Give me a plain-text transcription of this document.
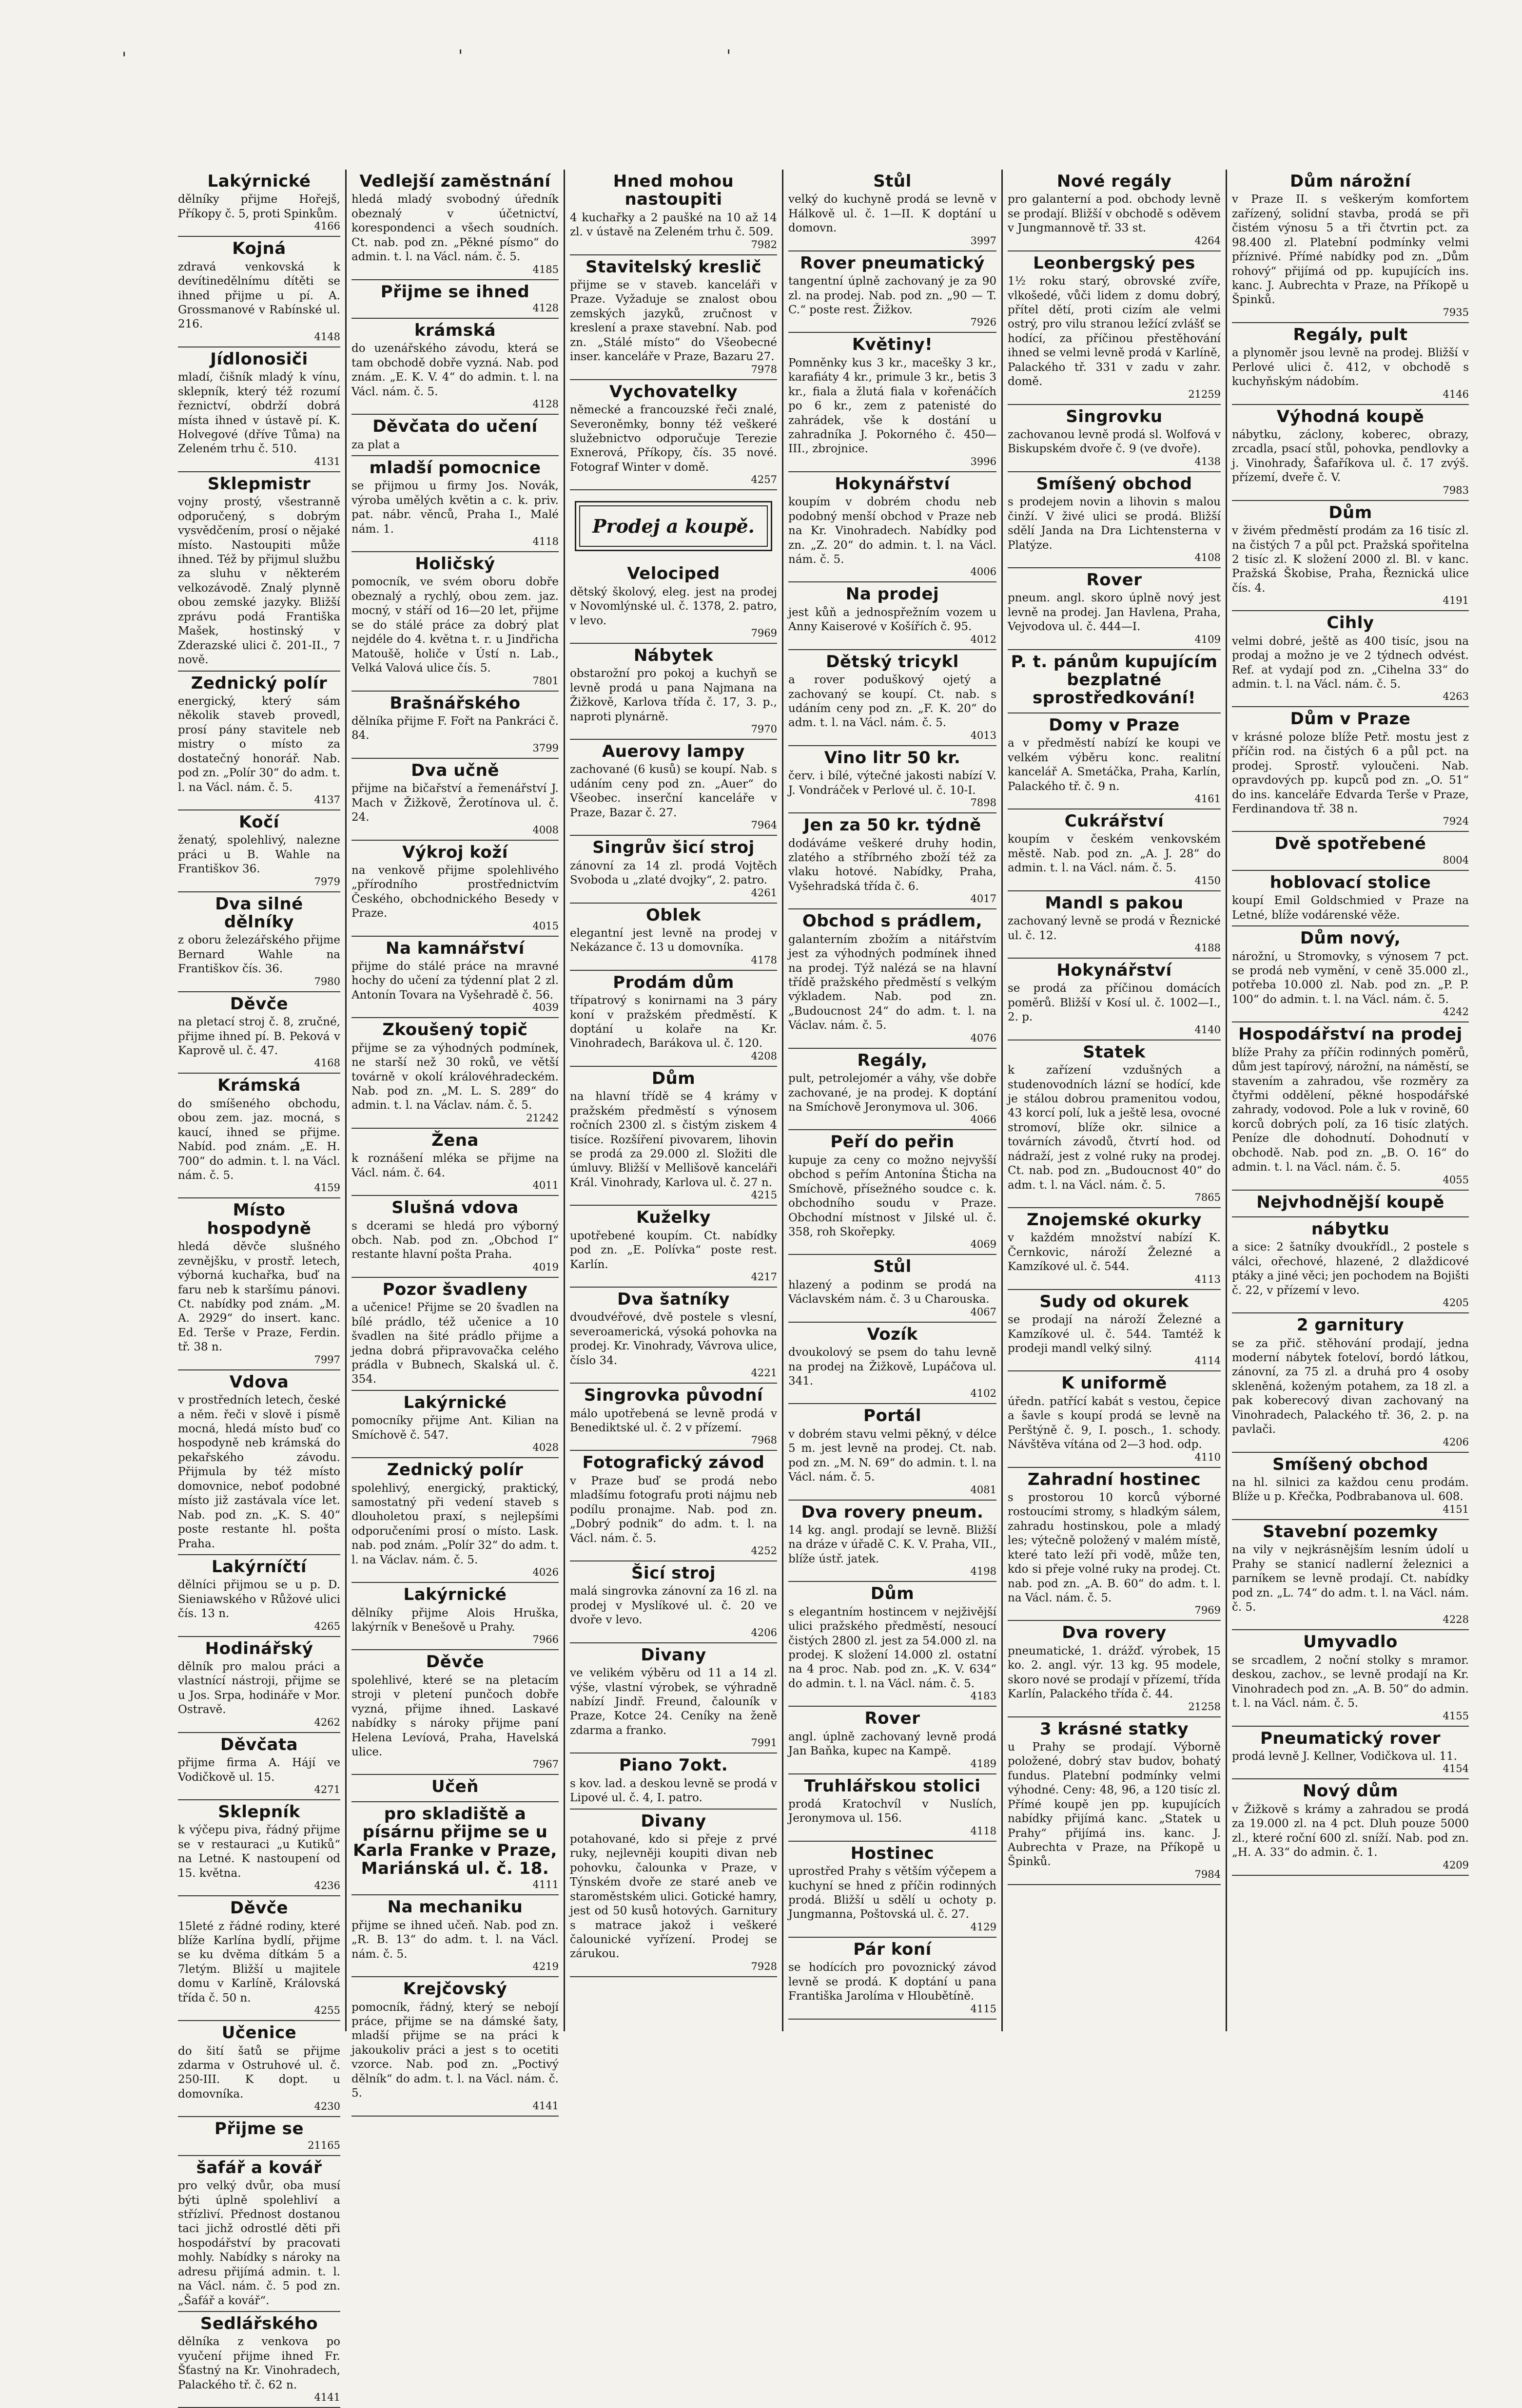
'	'	'
Lakýrnické

dělníky přijme Hořejš, Příkopy č. 5, proti Spinkům.

4166
Kojná

zdravá venkovská k devítinedělnímu dítěti se ihned přijme u pí. A. Grossmanové v Rabínské ul. 216.

4148
Jídlonosiči

mladí, čišník mladý k vínu, sklepník, který též rozumí řeznictví, obdrží dobrá místa ihned v ústavě pí. K. Holvegové (dříve Tůma) na Zeleném trhu č. 510.

4131
Sklepmistr

vojny prostý, všestranně odporučený, s dobrým vysvědčením, prosí o nějaké místo. Nastoupiti může ihned. Též by přijmul službu za sluhu v některém velkozávodě. Znalý plynně obou zemské jazyky. Bližší zprávu podá Františka Mašek, hostinský v Zderazské ulici č. 201-II., 7 nově.

Zednický polír

energický, který sám několik staveb provedl, prosí pány stavitele neb mistry o místo za dostatečný honorář. Nab. pod zn. „Polír 30“ do adm. t. l. na Václ. nám. č. 5.

4137
Kočí

ženatý, spolehlivý, nalezne práci u B. Wahle na Františkov 36.

7979
Dva silné dělníky

z oboru železářského přijme Bernard Wahle na Františkov čís. 36.

7980
Děvče

na pletací stroj č. 8, zručné, přijme ihned pí. B. Peková v Kaprově ul. č. 47.

4168
Krámská

do smíšeného obchodu, obou zem. jaz. mocná, s kaucí, ihned se přijme. Nabíd. pod znám. „E. H. 700“ do admin. t. l. na Václ. nám. č. 5.

4159
Místo hospodyně

hledá děvče slušného zevnějšku, v prostř. letech, výborná kuchařka, buď na faru neb k staršímu pánovi. Ct. nabídky pod znám. „M. A. 2929“ do insert. kanc. Ed. Terše v Praze, Ferdin. tř. 38 n.

7997
Vdova

v prostředních letech, české a něm. řeči v slově i písmě mocná, hledá místo buď co hospodyně neb krámská do pekařského závodu. Přijmula by též místo domovnice, neboť podobné místo již zastávala více let. Nab. pod zn. „K. S. 40“ poste restante hl. pošta Praha.

Lakýrníčtí

dělníci přijmou se u p. D. Sieniawského v Růžové ulici čís. 13 n.

4265
Hodinářský

dělník pro malou práci a vlastnící nástroji, přijme se u Jos. Srpa, hodináře v Mor. Ostravě.

4262
Děvčata

přijme firma A. Hájí ve Vodičkově ul. 15.

4271
Sklepník

k výčepu piva, řádný přijme se v restauraci „u Kutiků“ na Letné. K nastoupení od 15. května.

4236
Děvče

15leté z řádné rodiny, které blíže Karlína bydlí, přijme se ku dvěma dítkám 5 a 7letým. Bližší u majitele domu v Karlíně, Královská třída č. 50 n.

4255
Učenice

do šití šatů se přijme zdarma v Ostruhové ul. č. 250-III. K dopt. u domovníka.

4230
Přijme se

21165
šafář a kovář

pro velký dvůr, oba musí býti úplně spolehliví a střízliví. Přednost dostanou taci jichž odrostlé děti při hospodářství by pracovati mohly. Nabídky s nároky na adresu přijímá admin. t. l. na Václ. nám. č. 5 pod zn. „Šafář a kovář“.

Sedlářského

dělníka z venkova po vyučení přijme ihned Fr. Šťastný na Kr. Vinohradech, Palackého tř. č. 62 n.

4141
Vedlejší zaměstnání

hledá mladý svobodný úředník obeznalý v účetnictví, korespondenci a všech soudních. Ct. nab. pod zn. „Pěkné písmo“ do admin. t. l. na Václ. nám. č. 5.

4185
Přijme se ihned

4128
krámská

do uzenářského závodu, která se tam obchodě dobře vyzná. Nab. pod znám. „E. K. V. 4“ do admin. t. l. na Václ. nám. č. 5.

4128
Děvčata do učení

za plat a

mladší pomocnice

se přijmou u firmy Jos. Novák, výroba umělých květin a c. k. priv. pat. nábr. věnců, Praha I., Malé nám. 1.

4118
Holičský

pomocník, ve svém oboru dobře obeznalý a rychlý, obou zem. jaz. mocný, v stáří od 16—20 let, přijme se do stálé práce za dobrý plat nejdéle do 4. května t. r. u Jindřicha Matoušě, holiče v Ústí n. Lab., Velká Valová ulice čís. 5.

7801
Brašnářského

dělníka přijme F. Fořt na Pankráci č. 84.

3799
Dva učně

přijme na bičařství a řemenářství J. Mach v Žižkově, Žerotínova ul. č. 24.

4008
Výkroj koží

na venkově přijme spolehlivého „přírodního prostřednictvím Českého, obchodnického Besedy v Praze.

4015
Na kamnářství

přijme do stálé práce na mravné hochy do učení za týdenní plat 2 zl. Antonín Tovara na Vyšehradě č. 56.

4039
Zkoušený topič

přijme se za výhodných podmínek, ne starší než 30 roků, ve větší továrně v okolí královéhradeckém. Nab. pod zn. „M. L. S. 289“ do admin. t. l. na Václav. nám. č. 5.

21242
Žena

k roznášení mléka se přijme na Václ. nám. č. 64.

4011
Slušná vdova

s dcerami se hledá pro výborný obch. Nab. pod zn. „Obchod I“ restante hlavní pošta Praha.

4019
Pozor švadleny

a učenice! Přijme se 20 švadlen na bílé prádlo, též učenice a 10 švadlen na šité prádlo přijme a jedna dobrá připravovačka celého prádla v Bubnech, Skalská ul. č. 354.

Lakýrnické

pomocníky přijme Ant. Kilian na Smíchově č. 547.

4028
Zednický polír

spolehlivý, energický, praktický, samostatný při vedení staveb s dlouholetou praxí, s nejlepšími odporučeními prosí o místo. Lask. nab. pod znám. „Polír 32“ do adm. t. l. na Václav. nám. č. 5.

4026
Lakýrnické

dělníky přijme Alois Hruška, lakýrník v Benešově u Prahy.

7966
Děvče

spolehlivé, které se na pletacím stroji v pletení punčoch dobře vyzná, přijme ihned. Laskavé nabídky s nároky přijme paní Helena Levíová, Praha, Havelská ulice.

7967
Učeň

pro skladiště a písárnu přijme se u Karla Franke v Praze, Mariánská ul. č. 18.

4111
Na mechaniku

přijme se ihned učeň. Nab. pod zn. „R. B. 13“ do adm. t. l. na Václ. nám. č. 5.

4219
Krejčovský

pomocník, řádný, který se nebojí práce, přijme se na dámské šaty, mladší přijme se na práci k jakoukoliv práci a jest s to ocetiti vzorce. Nab. pod zn. „Poctivý dělník“ do adm. t. l. na Václ. nám. č. 5.

4141
Hned mohou nastoupiti

4 kuchařky a 2 paušké na 10 až 14 zl. v ústavě na Zeleném trhu č. 509.

7982
Stavitelský kreslič

přijme se v staveb. kanceláři v Praze. Vyžaduje se znalost obou zemských jazyků, zručnost v kreslení a praxe stavební. Nab. pod zn. „Stálé místo“ do Všeobecné inser. kanceláře v Praze, Bazaru 27.

7978
Vychovatelky

německé a francouzské řeči znalé, Severoněmky, bonny též veškeré služebnictvo odporučuje Terezie Exnerová, Příkopy, čís. 35 nové. Fotograf Winter v domě.

4257
Prodej a koupě.
Velociped

dětský školový, eleg. jest na prodej v Novomlýnské ul. č. 1378, 2. patro, v levo.

7969
Nábytek

obstarožní pro pokoj a kuchyň se levně prodá u pana Najmana na Žižkově, Karlova třída č. 17, 3. p., naproti plynárně.

7970
Auerovy lampy

zachované (6 kusů) se koupí. Nab. s udáním ceny pod zn. „Auer“ do Všeobec. inserční kanceláře v Praze, Bazar č. 27.

7964
Singrův šicí stroj

zánovní za 14 zl. prodá Vojtěch Svoboda u „zlaté dvojky“, 2. patro.

4261
Oblek

elegantní jest levně na prodej v Nekázance č. 13 u domovníka.

4178
Prodám dům

třípatrový s konirnami na 3 páry koní v pražském předměstí. K doptání u kolaře na Kr. Vinohradech, Barákova ul. č. 120.

4208
Dům

na hlavní třídě se 4 krámy v pražském předměstí s výnosem ročních 2300 zl. s čistým ziskem 4 tisíce. Rozšíření pivovarem, lihovin se prodá za 29.000 zl. Složiti dle úmluvy. Bližší v Mellišově kanceláři Král. Vinohrady, Karlova ul. č. 27 n.

4215
Kuželky

upotřebené koupím. Ct. nabídky pod zn. „E. Polívka“ poste rest. Karlín.

4217
Dva šatníky

dvoudvéřové, dvě postele s vlesní, severoamerická, výsoká pohovka na prodej. Kr. Vinohrady, Vávrova ulice, číslo 34.

4221
Singrovka původní

málo upotřebená se levně prodá v Benediktské ul. č. 2 v přízemí.

7968
Fotografický závod

v Praze buď se prodá nebo mladšímu fotografu proti nájmu neb podílu pronajme. Nab. pod zn. „Dobrý podnik“ do adm. t. l. na Václ. nám. č. 5.

4252
Šicí stroj

malá singrovka zánovní za 16 zl. na prodej v Myslíkové ul. č. 20 ve dvoře v levo.

4206
Divany

ve velikém výběru od 11 a 14 zl. výše, vlastní výrobek, se výhradně nabízí Jindř. Freund, čalouník v Praze, Kotce 24. Ceníky na ženě zdarma a franko.

7991
Piano 7okt.

s kov. lad. a deskou levně se prodá v Lipové ul. č. 4, I. patro.

Divany

potahované, kdo si přeje z prvé ruky, nejlevněji koupiti divan neb pohovku, čalounka v Praze, v Týnském dvoře ze staré aneb ve staroměstském ulici. Gotické hamry, jest od 50 kusů hotových. Garnitury s matrace jakož i veškeré čalounické vyřízení. Prodej se zárukou.

7928
Stůl

velký do kuchyně prodá se levně v Hálkově ul. č. 1—II. K doptání u domovn.

3997
Rover pneumatický

tangentní úplně zachovaný je za 90 zl. na prodej. Nab. pod zn. „90 — T. C.“ poste rest. Žižkov.

7926
Květiny!

Pomněnky kus 3 kr., macešky 3 kr., karafiáty 4 kr., primule 3 kr., betis 3 kr., fiala a žlutá fiala v kořenáčích po 6 kr., zem z patenisté do zahrádek, vše k dostání u zahradníka J. Pokorného č. 450—III., zbrojnice.

3996
Hokynářství

koupím v dobrém chodu neb podobný menší obchod v Praze neb na Kr. Vinohradech. Nabídky pod zn. „Z. 20“ do admin. t. l. na Václ. nám. č. 5.

4006
Na prodej

jest kůň a jednospřežním vozem u Anny Kaiserové v Košířích č. 95.

4012
Dětský tricykl

a rover poduškový ojetý a zachovaný se koupí. Ct. nab. s udáním ceny pod zn. „F. K. 20“ do adm. t. l. na Václ. nám. č. 5.

4013
Vino litr 50 kr.

červ. i bílé, výtečné jakosti nabízí V. J. Vondráček v Perlové ul. č. 10-I.

7898
Jen za 50 kr. týdně

dodáváme veškeré druhy hodin, zlatého a stříbrného zboží též za vlaku hotové. Nabídky, Praha, Vyšehradská třída č. 6.

4017
Obchod s prádlem,

galanterním zbožím a nitářstvím jest za výhodných podmínek ihned na prodej. Týž nalézá se na hlavní třídě pražského předměstí s velkým výkladem. Nab. pod zn. „Budoucnost 24“ do adm. t. l. na Václav. nám. č. 5.

4076
Regály,

pult, petrolejomér a váhy, vše dobře zachované, je na prodej. K doptání na Smíchově Jeronymova ul. 306.

4066
Peří do peřin

kupuje za ceny co možno nejvyšší obchod s peřím Antonína Šticha na Smíchově, přísežného soudce c. k. obchodního soudu v Praze. Obchodní místnost v Jilské ul. č. 358, roh Skořepky.

4069
Stůl

hlazený a podinm se prodá na Václavském nám. č. 3 u Charouska.

4067
Vozík

dvoukolový se psem do tahu levně na prodej na Žižkově, Lupáčova ul. 341.

4102
Portál

v dobrém stavu velmi pěkný, v délce 5 m. jest levně na prodej. Ct. nab. pod zn. „M. N. 69“ do admin. t. l. na Václ. nám. č. 5.

4081
Dva rovery pneum.

14 kg. angl. prodají se levně. Bližší na dráze v úřadě C. K. V. Praha, VII., blíže ústř. jatek.

4198
Dům

s elegantním hostincem v nejživější ulici pražského předměstí, nesoucí čistých 2800 zl. jest za 54.000 zl. na prodej. K složení 14.000 zl. ostatní na 4 proc. Nab. pod zn. „K. V. 634“ do admin. t. l. na Václ. nám. č. 5.

4183
Rover

angl. úplně zachovaný levně prodá Jan Baňka, kupec na Kampě.

4189
Truhlářskou stolici

prodá Kratochvíl v Nuslích, Jeronymova ul. 156.

4118
Hostinec

uprostřed Prahy s větším výčepem a kuchyní se hned z příčin rodinných prodá. Bližší u sdělí u ochoty p. Jungmanna, Poštovská ul. č. 27.

4129
Pár koní

se hodících pro povoznický závod levně se prodá. K doptání u pana Františka Jarolíma v Hloubětíně.

4115
Nové regály

pro galanterní a pod. obchody levně se prodají. Bližší v obchodě s oděvem v Jungmannově tř. 33 st.

4264
Leonbergský pes

1½ roku starý, obrovské zvíře, vlkošedé, vůči lidem z domu dobrý, přítel dětí, proti cizím ale velmi ostrý, pro vilu stranou ležící zvlášť se hodící, za příčinou přestěhování ihned se velmi levně prodá v Karlíně, Palackého tř. 331 v zadu v zahr. domě.

21259
Singrovku

zachovanou levně prodá sl. Wolfová v Biskupském dvoře č. 9 (ve dvoře).

4138
Smíšený obchod

s prodejem novin a lihovin s malou činží. V živé ulici se prodá. Bližší sdělí Janda na Dra Lichtensterna v Platýze.

4108
Rover

pneum. angl. skoro úplně nový jest levně na prodej. Jan Havlena, Praha, Vejvodova ul. č. 444—I.

4109
P. t. pánům kupujícím bezplatné sprostředkování!

Domy v Praze

a v předměstí nabízí ke koupi ve velkém výběru konc. realitní kancelář A. Smetáčka, Praha, Karlín, Palackého tř. č. 9 n.

4161
Cukrářství

koupím v českém venkovském městě. Nab. pod zn. „A. J. 28“ do admin. t. l. na Václ. nám. č. 5.

4150
Mandl s pakou

zachovaný levně se prodá v Řeznické ul. č. 12.

4188
Hokynářství

se prodá za příčinou domácích poměrů. Bližší v Kosí ul. č. 1002—I., 2. p.

4140
Statek

k zařízení vzdušných a studenovodních lázní se hodící, kde je stálou dobrou pramenitou vodou, 43 korcí polí, luk a ještě lesa, ovocné stromoví, blíže okr. silnice a továrních závodů, čtvrtí hod. od nádraží, jest z volné ruky na prodej. Ct. nab. pod zn. „Budoucnost 40“ do adm. t. l. na Václ. nám. č. 5.

7865
Znojemské okurky

v každém množství nabízí K. Černkovic, nároží Železné a Kamzíkové ul. č. 544.

4113
Sudy od okurek

se prodají na nároží Železné a Kamzíkové ul. č. 544. Tamtéž k prodeji mandl velký silný.

4114
K uniformě

úředn. patřící kabát s vestou, čepice a šavle s koupí prodá se levně na Perštýně č. 9, I. posch., 1. schody. Návštěva vítána od 2—3 hod. odp.

4110
Zahradní hostinec

s prostorou 10 korců výborné rostoucími stromy, s hladkým sálem, zahradu hostinskou, pole a mladý les; výtečně položený v malém místě, které tato leží při vodě, může ten, kdo si přeje volné ruky na prodej. Ct. nab. pod zn. „A. B. 60“ do adm. t. l. na Václ. nám. č. 5.

7969
Dva rovery

pneumatické, 1. drážď. výrobek, 15 ko. 2. angl. výr. 13 kg. 95 modele, skoro nové se prodají v přízemí, třída Karlín, Palackého třída č. 44.

21258
3 krásné statky

u Prahy se prodají. Výborně položené, dobrý stav budov, bohatý fundus. Platební podmínky velmi výhodné. Ceny: 48, 96, a 120 tisíc zl. Přímé koupě jen pp. kupujících nabídky přijímá kanc. „Statek u Prahy“ přijímá ins. kanc. J. Aubrechta v Praze, na Příkopě u Špinků.

7984
Dům nárožní

v Praze II. s veškerým komfortem zařízený, solidní stavba, prodá se při čistém výnosu 5 a tři čtvrtin pct. za 98.400 zl. Platební podmínky velmi příznivé. Přímé nabídky pod zn. „Dům rohový“ přijímá od pp. kupujících ins. kanc. J. Aubrechta v Praze, na Příkopě u Špinků.

7935
Regály, pult

a plynoměr jsou levně na prodej. Bližší v Perlové ulici č. 412, v obchodě s kuchyňským nádobím.

4146
Výhodná koupě

nábytku, záclony, koberec, obrazy, zrcadla, psací stůl, pohovka, pendlovky a j. Vinohrady, Šafaříkova ul. č. 17 zvýš. přízemí, dveře č. V.

7983
Dům

v živém předměstí prodám za 16 tisíc zl. na čistých 7 a půl pct. Pražská spořitelna 2 tisíc zl. K složení 2000 zl. Bl. v kanc. Pražská Škobise, Praha, Řeznická ulice čís. 4.

4191
Cihly

velmi dobré, ještě as 400 tisíc, jsou na prodaj a možno je ve 2 týdnech odvést. Ref. at vydají pod zn. „Cihelna 33“ do admin. t. l. na Václ. nám. č. 5.

4263
Dům v Praze

v krásné poloze blíže Petř. mostu jest z příčin rod. na čistých 6 a půl pct. na prodej. Sprostř. vyloučeni. Nab. opravdových pp. kupců pod zn. „O. 51“ do ins. kanceláře Edvarda Terše v Praze, Ferdinandova tř. 38 n.

7924
Dvě spotřebené

8004
hoblovací stolice

koupí Emil Goldschmied v Praze na Letné, blíže vodárenské věže.

Dům nový,

nárožní, u Stromovky, s výnosem 7 pct. se prodá neb vymění, v ceně 35.000 zl., potřeba 10.000 zl. Nab. pod zn. „P. P. 100“ do admin. t. l. na Václ. nám. č. 5.

4242
Hospodářství na prodej

blíže Prahy za příčin rodinných poměrů, dům jest tapírový, nárožní, na náměstí, se stavením a zahradou, vše rozměry za čtyřmi oddělení, pěkné hospodářské zahrady, vodovod. Pole a luk v rovině, 60 korců dobrých polí, za 16 tisíc zlatých. Peníze dle dohodnutí. Dohodnutí v obchodě. Nab. pod zn. „B. O. 16“ do admin. t. l. na Václ. nám. č. 5.

4055
Nejvhodnější koupě

nábytku

a sice: 2 šatníky dvoukřídl., 2 postele s válci, ořechové, hlazené, 2 dlaždicové ptáky a jiné věci; jen pochodem na Bojišti č. 22, v přízemí v levo.

4205
2 garnitury

se za přič. stěhování prodají, jedna moderní nábytek foteloví, bordó látkou, zánovní, za 75 zl. a druhá pro 4 osoby skleněná, koženým potahem, za 18 zl. a pak koberecový divan zachovaný na Vinohradech, Palackého tř. 36, 2. p. na pavlači.

4206
Smíšený obchod

na hl. silnici za každou cenu prodám. Blíže u p. Křečka, Podbrabanova ul. 608.

4151
Stavební pozemky

na vily v nejkrásnějším lesním údolí u Prahy se stanicí nadlerní železnici a parníkem se levně prodají. Ct. nabídky pod zn. „L. 74“ do adm. t. l. na Václ. nám. č. 5.

4228
Umyvadlo

se srcadlem, 2 noční stolky s mramor. deskou, zachov., se levně prodají na Kr. Vinohradech pod zn. „A. B. 50“ do admin. t. l. na Václ. nám. č. 5.

4155
Pneumatický rover

prodá levně J. Kellner, Vodičkova ul. 11.

4154
Nový dům

v Žižkově s krámy a zahradou se prodá za 19.000 zl. na 4 pct. Dluh pouze 5000 zl., které roční 600 zl. sníží. Nab. pod zn. „H. A. 33“ do admin. č. 1.

4209
